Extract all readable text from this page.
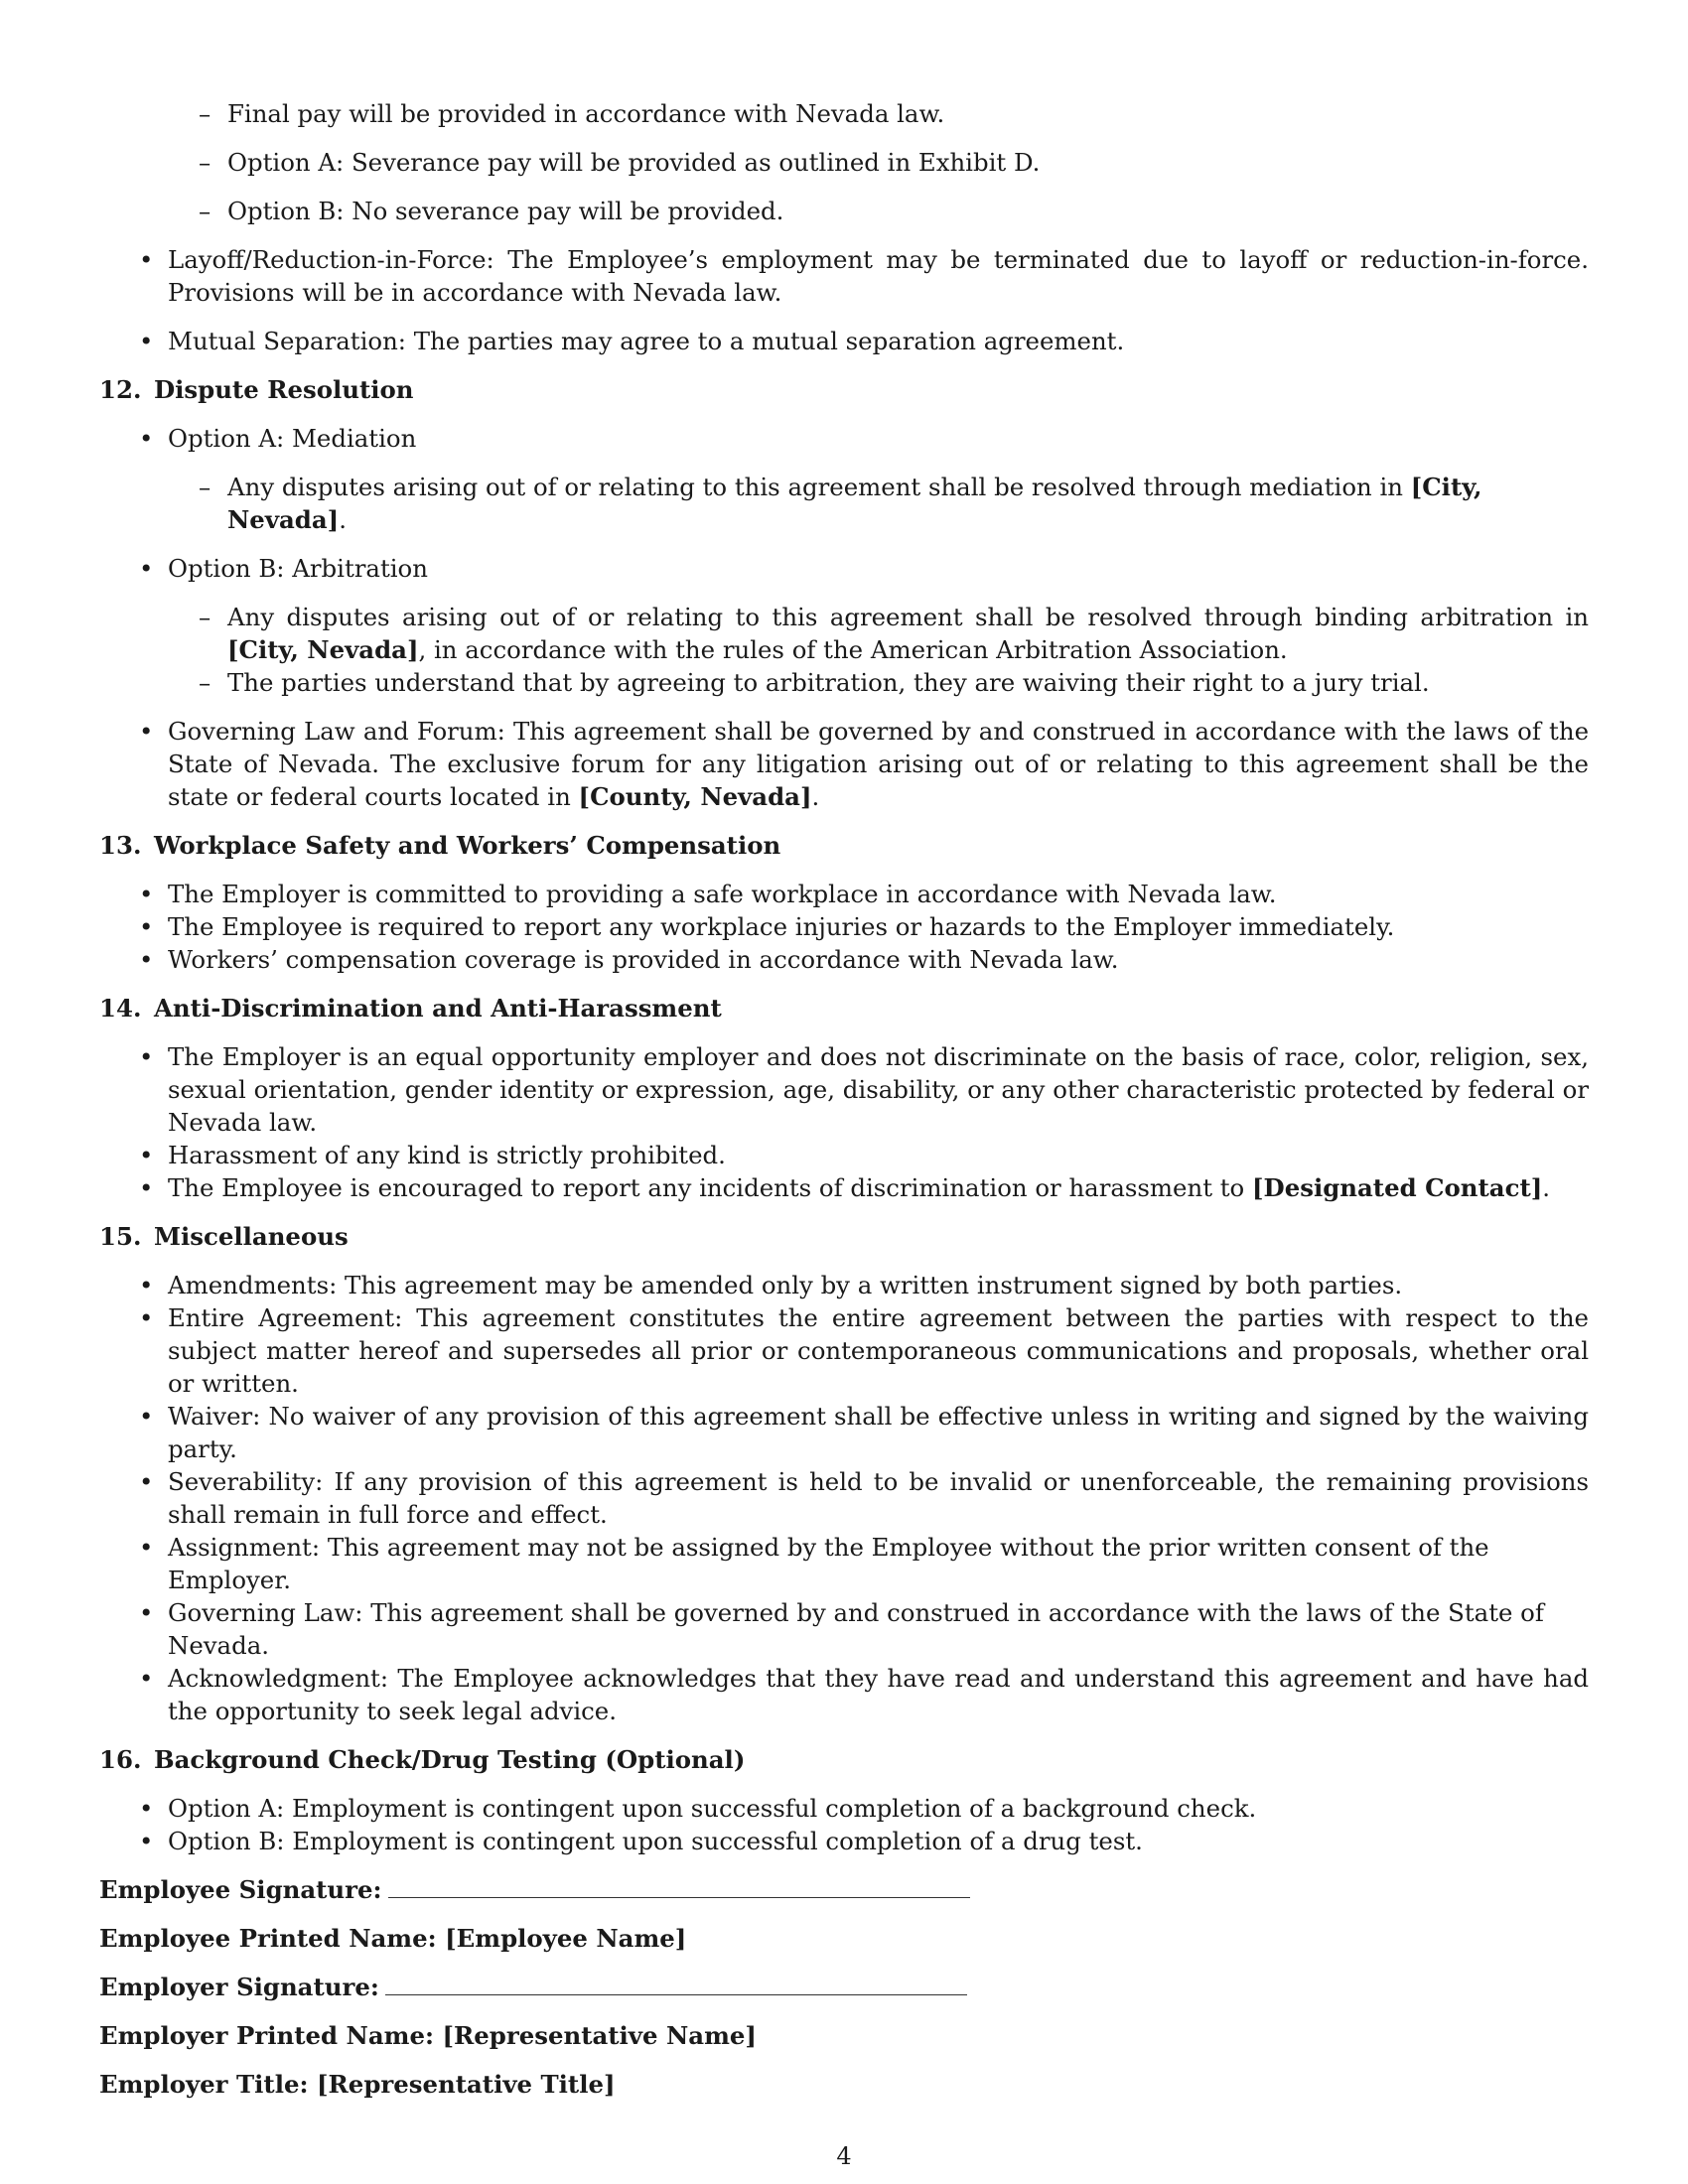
– Final pay will be provided in accordance with Nevada law.
– Option A: Severance pay will be provided as outlined in Exhibit D.
– Option B: No severance pay will be provided.
• Layoff/Reduction-in-Force: The Employee’s employment may be terminated due to layoff or reduction-in-force. Provisions will be in accordance with Nevada law.
• Mutual Separation: The parties may agree to a mutual separation agreement.
12. Dispute Resolution
• Option A: Mediation
– Any disputes arising out of or relating to this agreement shall be resolved through mediation in [City, Nevada].
• Option B: Arbitration
– Any disputes arising out of or relating to this agreement shall be resolved through binding arbitration in [City, Nevada], in accordance with the rules of the American Arbitration Association.
– The parties understand that by agreeing to arbitration, they are waiving their right to a jury trial.
• Governing Law and Forum: This agreement shall be governed by and construed in accordance with the laws of the State of Nevada. The exclusive forum for any litigation arising out of or relating to this agreement shall be the state or federal courts located in [County, Nevada].
13. Workplace Safety and Workers’ Compensation
• The Employer is committed to providing a safe workplace in accordance with Nevada law.
• The Employee is required to report any workplace injuries or hazards to the Employer immediately.
• Workers’ compensation coverage is provided in accordance with Nevada law.
14. Anti-Discrimination and Anti-Harassment
• The Employer is an equal opportunity employer and does not discriminate on the basis of race, color, religion, sex, sexual orientation, gender identity or expression, age, disability, or any other characteristic protected by federal or Nevada law.
• Harassment of any kind is strictly prohibited.
• The Employee is encouraged to report any incidents of discrimination or harassment to [Designated Contact].
15. Miscellaneous
• Amendments: This agreement may be amended only by a written instrument signed by both parties.
• Entire Agreement: This agreement constitutes the entire agreement between the parties with respect to the subject matter hereof and supersedes all prior or contemporaneous communications and proposals, whether oral or written.
• Waiver: No waiver of any provision of this agreement shall be effective unless in writing and signed by the waiving party.
• Severability: If any provision of this agreement is held to be invalid or unenforceable, the remaining provisions shall remain in full force and effect.
• Assignment: This agreement may not be assigned by the Employee without the prior written consent of the Employer.
• Governing Law: This agreement shall be governed by and construed in accordance with the laws of the State of Nevada.
• Acknowledgment: The Employee acknowledges that they have read and understand this agreement and have had the opportunity to seek legal advice.
16. Background Check/Drug Testing (Optional)
• Option A: Employment is contingent upon successful completion of a background check.
• Option B: Employment is contingent upon successful completion of a drug test.
Employee Signature:
Employee Printed Name: [Employee Name]
Employer Signature:
Employer Printed Name: [Representative Name]
Employer Title: [Representative Title]
4
